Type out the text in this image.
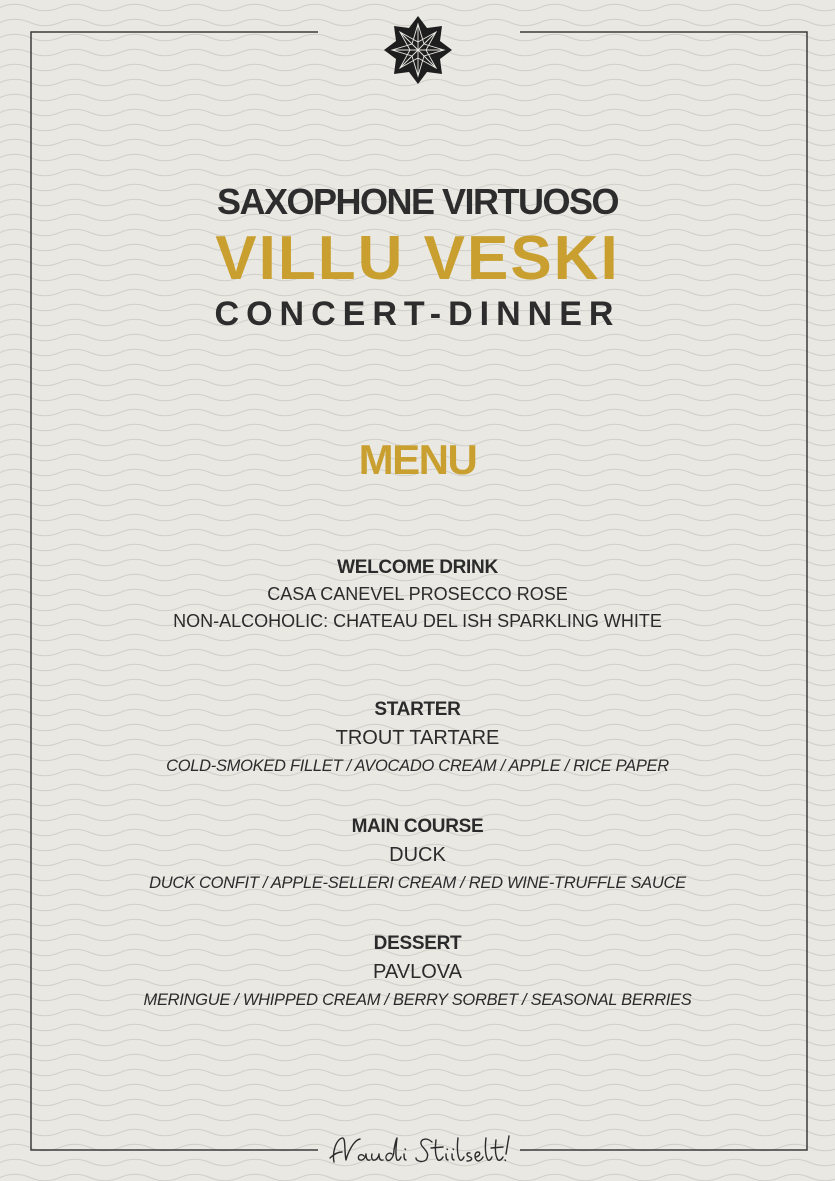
SAXOPHONE VIRTUOSO
VILLU VESKI
CONCERT-DINNER
MENU
WELCOME DRINK
CASA CANEVEL PROSECCO ROSE
NON-ALCOHOLIC: CHATEAU DEL ISH SPARKLING WHITE
STARTER
TROUT TARTARE
COLD-SMOKED FILLET / AVOCADO CREAM / APPLE / RICE PAPER
MAIN COURSE
DUCK
DUCK CONFIT / APPLE-SELLERI CREAM / RED WINE-TRUFFLE SAUCE
DESSERT
PAVLOVA
MERINGUE / WHIPPED CREAM / BERRY SORBET / SEASONAL BERRIES
